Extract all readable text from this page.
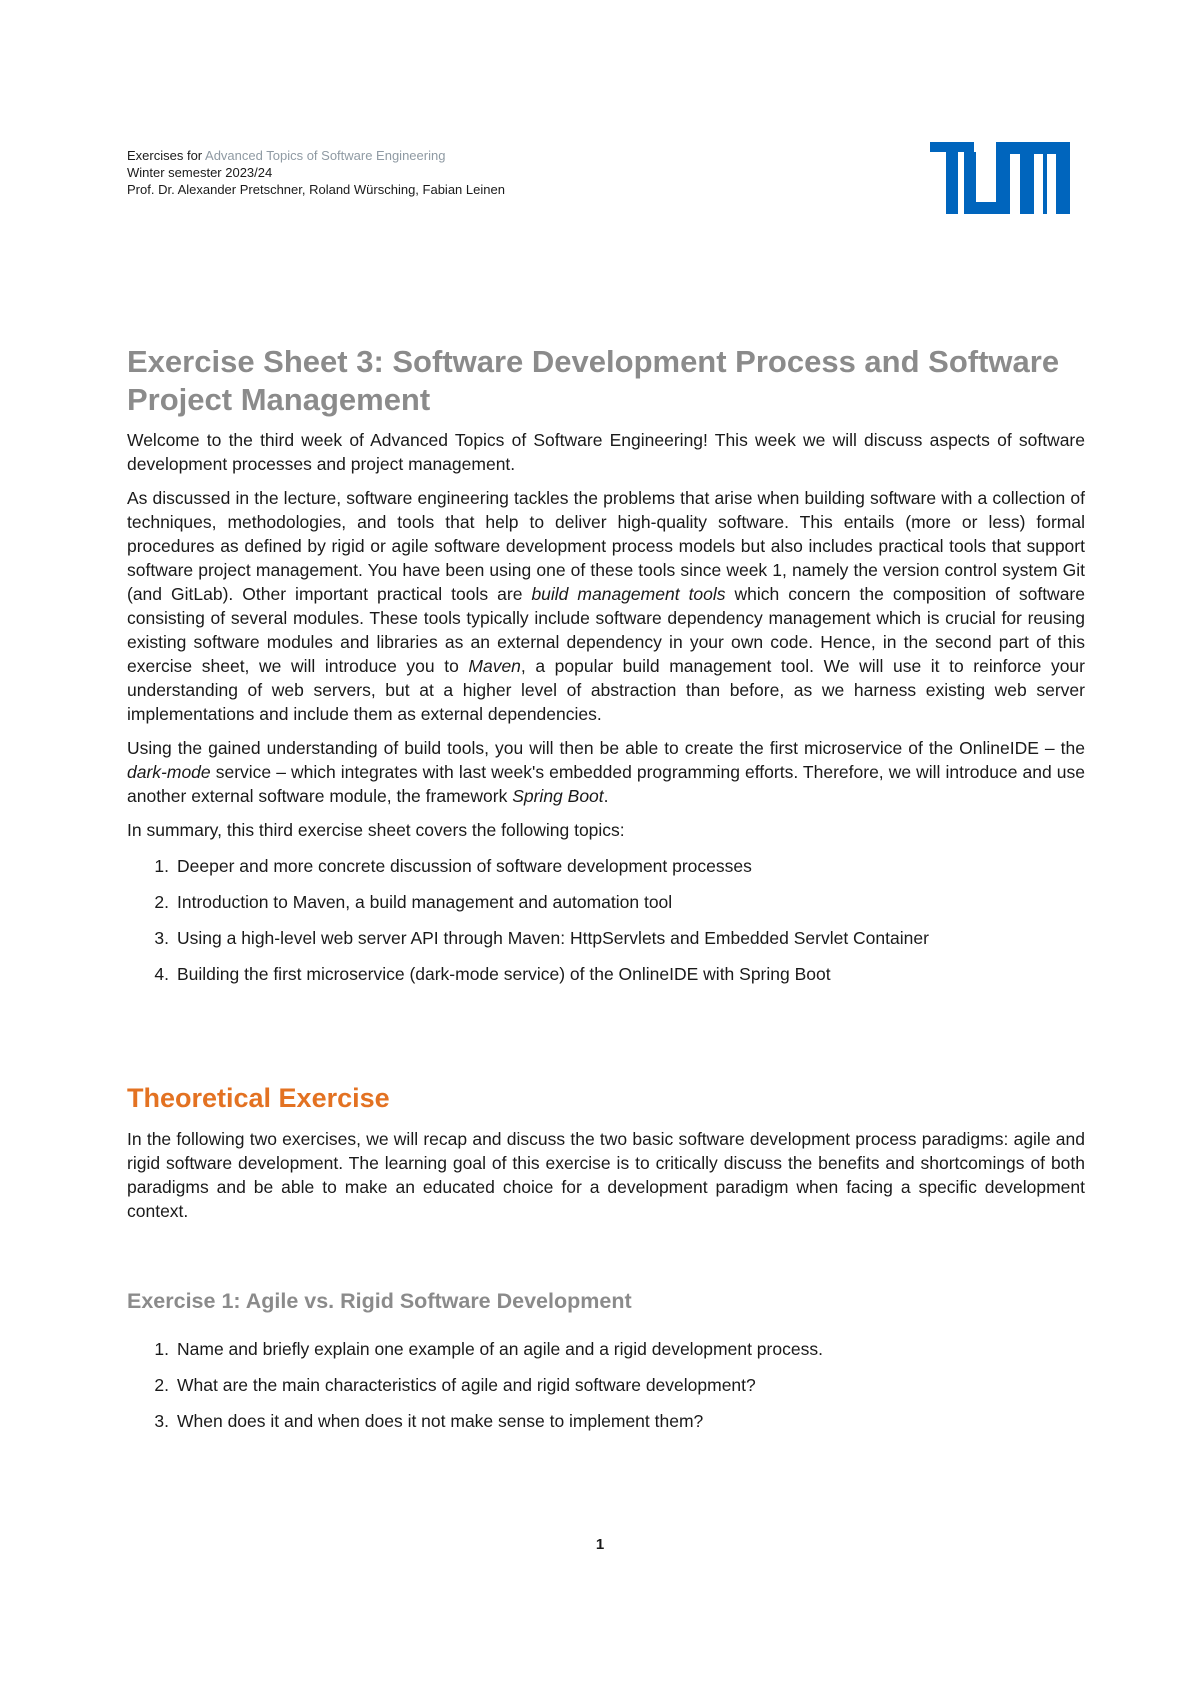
Exercises for Advanced Topics of Software Engineering
Winter semester 2023/24
Prof. Dr. Alexander Pretschner, Roland Würsching, Fabian Leinen
Exercise Sheet 3: Software Development Process and Software Project Management

Welcome to the third week of Advanced Topics of Software Engineering! This week we will discuss aspects of software development processes and project management.

As discussed in the lecture, software engineering tackles the problems that arise when building software with a collection of techniques, methodologies, and tools that help to deliver high-quality software. This entails (more or less) formal procedures as defined by rigid or agile software development process models but also includes practical tools that support software project management. You have been using one of these tools since week 1, namely the version control system Git (and GitLab). Other important practical tools are build management tools which concern the composition of software consisting of several modules. These tools typically include software dependency management which is crucial for reusing existing software modules and libraries as an external dependency in your own code. Hence, in the second part of this exercise sheet, we will introduce you to Maven, a popular build management tool. We will use it to reinforce your understanding of web servers, but at a higher level of abstraction than before, as we harness existing web server implementations and include them as external dependencies.

Using the gained understanding of build tools, you will then be able to create the first microservice of the OnlineIDE – the dark-mode service – which integrates with last week's embedded programming efforts. Therefore, we will introduce and use another external software module, the framework Spring Boot.

In summary, this third exercise sheet covers the following topics:

1. Deeper and more concrete discussion of software development processes
2. Introduction to Maven, a build management and automation tool
3. Using a high-level web server API through Maven: HttpServlets and Embedded Servlet Container
4. Building the first microservice (dark-mode service) of the OnlineIDE with Spring Boot
Theoretical Exercise

In the following two exercises, we will recap and discuss the two basic software development process paradigms: agile and rigid software development. The learning goal of this exercise is to critically discuss the benefits and shortcomings of both paradigms and be able to make an educated choice for a development paradigm when facing a specific development context.

Exercise 1: Agile vs. Rigid Software Development
1. Name and briefly explain one example of an agile and a rigid development process.
2. What are the main characteristics of agile and rigid software development?
3. When does it and when does it not make sense to implement them?
1
